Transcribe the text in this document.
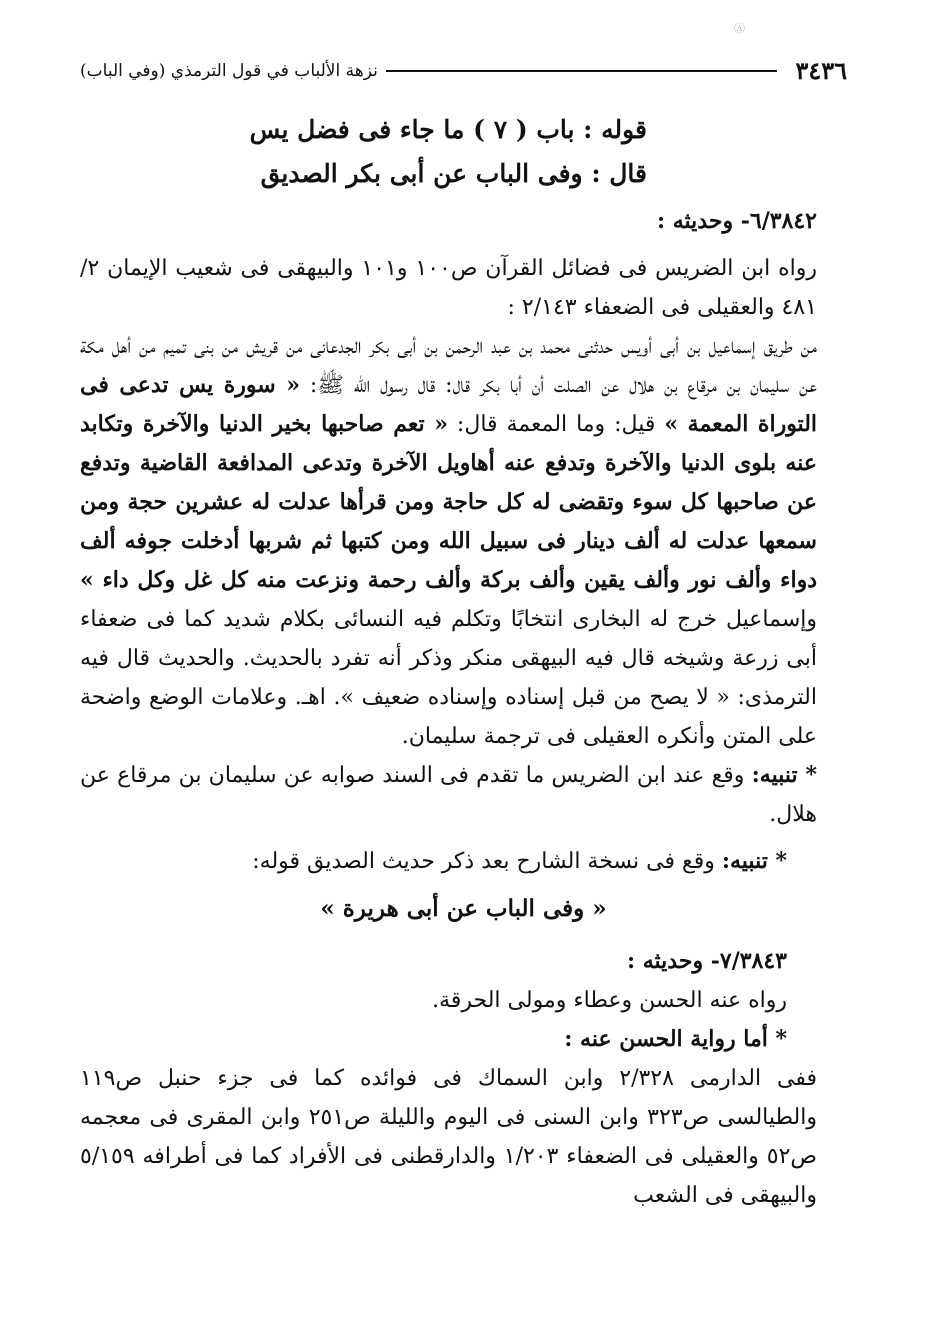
Ⓐ
٣٤٣٦
نزهة الألباب في قول الترمذي (وفي الباب)
قوله : باب ( ٧ ) ما جاء فى فضل يس
قال : وفى الباب عن أبى بكر الصديق

٦/٣٨٤٢- وحديثه :

رواه ابن الضريس فى فضائل القرآن ص١٠٠ و١٠١ والبيهقى فى شعيب الإيمان ٢/ ٤٨١ والعقيلى فى الضعفاء ٢/١٤٣ :

من طريق إسماعيل بن أبى أويس حدثنى محمد بن عبد الرحمن بن أبى بكر الجدعانى من قريش من بنى تميم من أهل مكة عن سليمان بن مرقاع بن هلال عن الصلت أن أبا بكر قال: قال رسول الله ﷺ: « سورة يس تدعى فى التوراة المعمة » قيل: وما المعمة قال: « تعم صاحبها بخير الدنيا والآخرة وتكابد عنه بلوى الدنيا والآخرة وتدفع عنه أهاويل الآخرة وتدعى المدافعة القاضية وتدفع عن صاحبها كل سوء وتقضى له كل حاجة ومن قرأها عدلت له عشرين حجة ومن سمعها عدلت له ألف دينار فى سبيل الله ومن كتبها ثم شربها أدخلت جوفه ألف دواء وألف نور وألف يقين وألف بركة وألف رحمة ونزعت منه كل غل وكل داء » وإسماعيل خرج له البخارى انتخابًا وتكلم فيه النسائى بكلام شديد كما فى ضعفاء أبى زرعة وشيخه قال فيه البيهقى منكر وذكر أنه تفرد بالحديث. والحديث قال فيه الترمذى: « لا يصح من قبل إسناده وإسناده ضعيف ». اهـ. وعلامات الوضع واضحة على المتن وأنكره العقيلى فى ترجمة سليمان.

* تنبيه: وقع عند ابن الضريس ما تقدم فى السند صوابه عن سليمان بن مرقاع عن هلال.

* تنبيه: وقع فى نسخة الشارح بعد ذكر حديث الصديق قوله:

« وفى الباب عن أبى هريرة »

٧/٣٨٤٣- وحديثه :

رواه عنه الحسن وعطاء ومولى الحرقة.

* أما رواية الحسن عنه :

ففى الدارمى ٢/٣٢٨ وابن السماك فى فوائده كما فى جزء حنبل ص١١٩ والطيالسى ص٣٢٣ وابن السنى فى اليوم والليلة ص٢٥١ وابن المقرى فى معجمه ص٥٢ والعقيلى فى الضعفاء ١/٢٠٣ والدارقطنى فى الأفراد كما فى أطرافه ٥/١٥٩ والبيهقى فى الشعب
